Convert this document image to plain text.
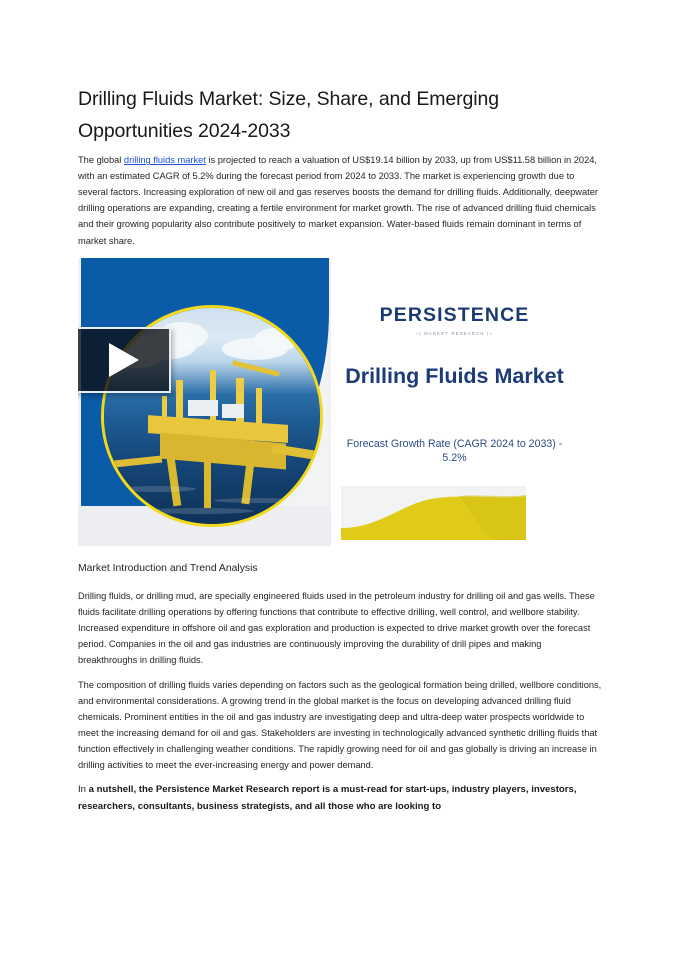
Drilling Fluids Market: Size, Share, and Emerging Opportunities 2024-2033

The global drilling fluids market is projected to reach a valuation of US$19.14 billion by 2033, up from US$11.58 billion in 2024, with an estimated CAGR of 5.2% during the forecast period from 2024 to 2033. The market is experiencing growth due to several factors. Increasing exploration of new oil and gas reserves boosts the demand for drilling fluids. Additionally, deepwater drilling operations are expanding, creating a fertile environment for market growth. The rise of advanced drilling fluid chemicals and their growing popularity also contribute positively to market expansion. Water-based fluids remain dominant in terms of market share.

PERSISTENCE
~| MARKET RESEARCH |~
Drilling Fluids Market
Forecast Growth Rate (CAGR 2024 to 2033) - 5.2%

Market Introduction and Trend Analysis

Drilling fluids, or drilling mud, are specially engineered fluids used in the petroleum industry for drilling oil and gas wells. These fluids facilitate drilling operations by offering functions that contribute to effective drilling, well control, and wellbore stability. Increased expenditure in offshore oil and gas exploration and production is expected to drive market growth over the forecast period. Companies in the oil and gas industries are continuously improving the durability of drill pipes and making breakthroughs in drilling fluids.

The composition of drilling fluids varies depending on factors such as the geological formation being drilled, wellbore conditions, and environmental considerations. A growing trend in the global market is the focus on developing advanced drilling fluid chemicals. Prominent entities in the oil and gas industry are investigating deep and ultra-deep water prospects worldwide to meet the increasing demand for oil and gas. Stakeholders are investing in technologically advanced synthetic drilling fluids that function effectively in challenging weather conditions. The rapidly growing need for oil and gas globally is driving an increase in drilling activities to meet the ever-increasing energy and power demand.

In a nutshell, the Persistence Market Research report is a must-read for start-ups, industry players, investors, researchers, consultants, business strategists, and all those who are looking to
